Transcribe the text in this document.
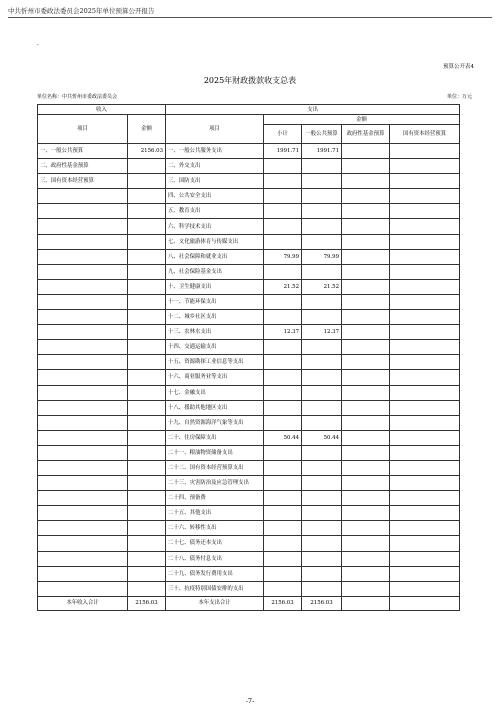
中共忻州市委政法委员会2025年单位预算公开报告
·
预算公开表4
2025年财政拨款收支总表
单位名称：中共忻州市委政法委员会	单位：万元
收入		支出				
项目	金额	项目	金额			
			小计	一般公共预算	政府性基金预算	国有资本经营预算

一、一般公共预算	2156.03	一、一般公共服务支出	1991.71	1991.71		
二、政府性基金预算		二、外交支出				
三、国有资本经营预算		三、国防支出				
		四、公共安全支出				
		五、教育支出				
		六、科学技术支出				
		七、文化旅游体育与传媒支出				
		八、社会保障和就业支出	79.99	79.99		
		九、社会保险基金支出				
		十、卫生健康支出	21.52	21.52		
		十一、节能环保支出				
		十二、城乡社区支出				
		十三、农林水支出	12.37	12.37		
		十四、交通运输支出				
		十五、资源勘探工业信息等支出				
		十六、商业服务业等支出				
		十七、金融支出				
		十八、援助其他地区支出				
		十九、自然资源海洋气象等支出				
		二十、住房保障支出	50.44	50.44		
		二十一、粮油物资储备支出				
		二十二、国有资本经营预算支出				
		二十三、灾害防治及应急管理支出				
		二十四、预备费				
		二十五、其他支出				
		二十六、转移性支出				
		二十七、债务还本支出				
		二十八、债务付息支出				
		二十九、债务发行费用支出				
		三十、抗疫特别国债安排的支出				
本年收入合计	2156.03	本年支出合计	2156.03	2156.03		
-7-
